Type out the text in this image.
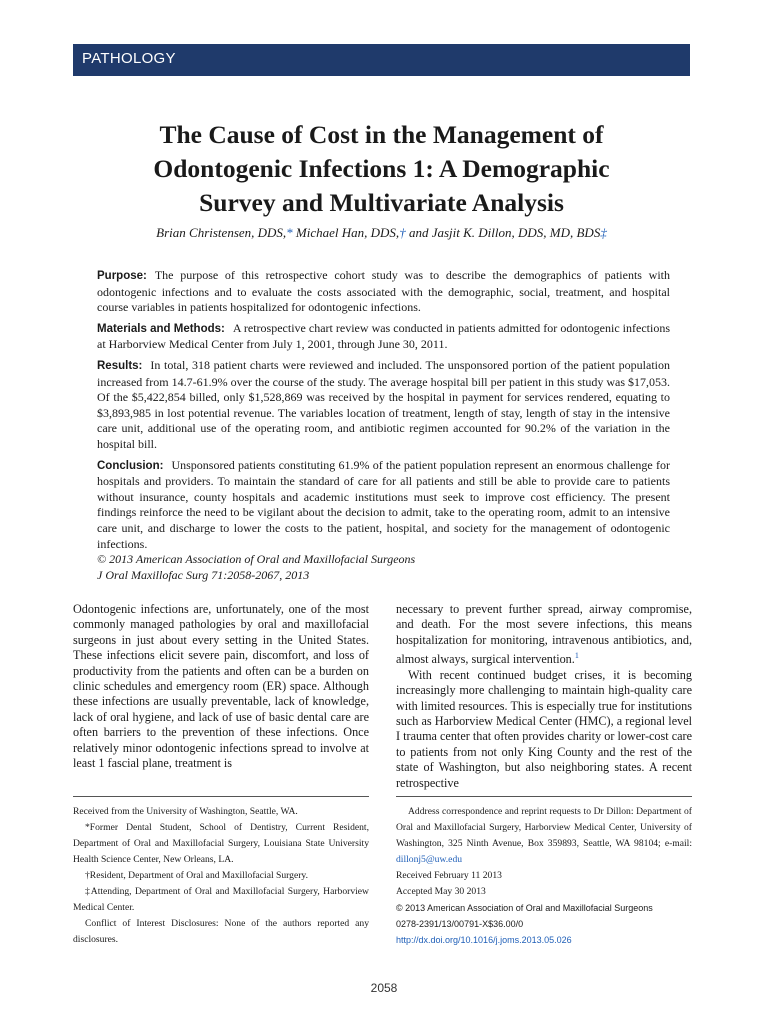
PATHOLOGY
The Cause of Cost in the Management of
Odontogenic Infections 1: A Demographic
Survey and Multivariate Analysis
Brian Christensen, DDS,* Michael Han, DDS,† and Jasjit K. Dillon, DDS, MD, BDS‡

Purpose: The purpose of this retrospective cohort study was to describe the demographics of patients with odontogenic infections and to evaluate the costs associated with the demographic, social, treatment, and hospital course variables in patients hospitalized for odontogenic infections.

Materials and Methods: A retrospective chart review was conducted in patients admitted for odontogenic infections at Harborview Medical Center from July 1, 2001, through June 30, 2011.

Results: In total, 318 patient charts were reviewed and included. The unsponsored portion of the patient population increased from 14.7-61.9% over the course of the study. The average hospital bill per patient in this study was $17,053. Of the $5,422,854 billed, only $1,528,869 was received by the hospital in payment for services rendered, equating to $3,893,985 in lost potential revenue. The variables location of treatment, length of stay, length of stay in the intensive care unit, additional use of the operating room, and antibiotic regimen accounted for 90.2% of the variation in the hospital bill.

Conclusion: Unsponsored patients constituting 61.9% of the patient population represent an enormous challenge for hospitals and providers. To maintain the standard of care for all patients and still be able to provide care to patients without insurance, county hospitals and academic institutions must seek to improve cost efficiency. The present findings reinforce the need to be vigilant about the decision to admit, take to the operating room, admit to an intensive care unit, and discharge to lower the costs to the patient, hospital, and society for the management of odontogenic infections.

© 2013 American Association of Oral and Maxillofacial Surgeons

J Oral Maxillofac Surg 71:2058-2067, 2013

Odontogenic infections are, unfortunately, one of the most commonly managed pathologies by oral and maxillofacial surgeons in just about every setting in the United States. These infections elicit severe pain, discomfort, and loss of productivity from the patients and often can be a burden on clinic schedules and emergency room (ER) space. Although these infections are usually preventable, lack of knowledge, lack of oral hygiene, and lack of use of basic dental care are often barriers to the prevention of these infections. Once relatively minor odontogenic infections spread to involve at least 1 fascial plane, treatment is

necessary to prevent further spread, airway compromise, and death. For the most severe infections, this means hospitalization for monitoring, intravenous antibiotics, and, almost always, surgical intervention.$^1$

With recent continued budget crises, it is becoming increasingly more challenging to maintain high-quality care with limited resources. This is especially true for institutions such as Harborview Medical Center (HMC), a regional level I trauma center that often provides charity or lower-cost care to patients from not only King County and the rest of the state of Washington, but also neighboring states. A recent retrospective

Received from the University of Washington, Seattle, WA.

*Former Dental Student, School of Dentistry, Current Resident, Department of Oral and Maxillofacial Surgery, Louisiana State University Health Science Center, New Orleans, LA.

†Resident, Department of Oral and Maxillofacial Surgery.

‡Attending, Department of Oral and Maxillofacial Surgery, Harborview Medical Center.

Conflict of Interest Disclosures: None of the authors reported any disclosures.

Address correspondence and reprint requests to Dr Dillon: Department of Oral and Maxillofacial Surgery, Harborview Medical Center, University of Washington, 325 Ninth Avenue, Box 359893, Seattle, WA 98104; e-mail: dillonj5@uw.edu

Received February 11 2013

Accepted May 30 2013

© 2013 American Association of Oral and Maxillofacial Surgeons

0278-2391/13/00791-X$36.00/0

http://dx.doi.org/10.1016/j.joms.2013.05.026

2058
